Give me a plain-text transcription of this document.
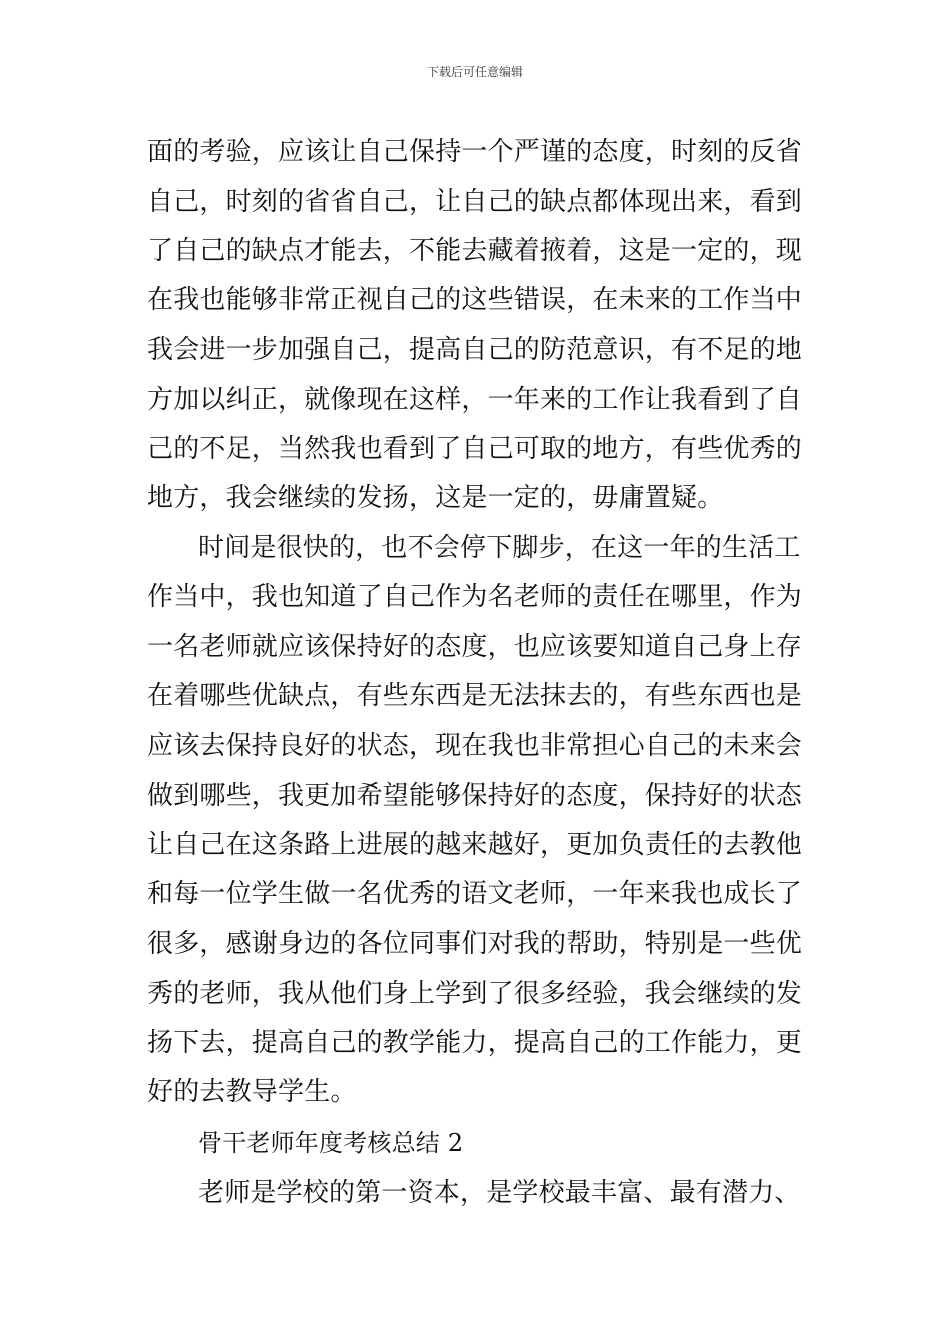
下载后可任意编辑
面的考验，应该让自己保持一个严谨的态度，时刻的反省
自己，时刻的省省自己，让自己的缺点都体现出来，看到
了自己的缺点才能去，不能去藏着掖着，这是一定的，现
在我也能够非常正视自己的这些错误，在未来的工作当中
我会进一步加强自己，提高自己的防范意识，有不足的地
方加以纠正，就像现在这样，一年来的工作让我看到了自
己的不足，当然我也看到了自己可取的地方，有些优秀的
地方，我会继续的发扬，这是一定的，毋庸置疑。
时间是很快的，也不会停下脚步，在这一年的生活工
作当中，我也知道了自己作为名老师的责任在哪里，作为
一名老师就应该保持好的态度，也应该要知道自己身上存
在着哪些优缺点，有些东西是无法抹去的，有些东西也是
应该去保持良好的状态，现在我也非常担心自己的未来会
做到哪些，我更加希望能够保持好的态度，保持好的状态
让自己在这条路上进展的越来越好，更加负责任的去教他
和每一位学生做一名优秀的语文老师，一年来我也成长了
很多，感谢身边的各位同事们对我的帮助，特别是一些优
秀的老师，我从他们身上学到了很多经验，我会继续的发
扬下去，提高自己的教学能力，提高自己的工作能力，更
好的去教导学生。
骨干老师年度考核总结 2
老师是学校的第一资本，是学校最丰富、最有潜力、
